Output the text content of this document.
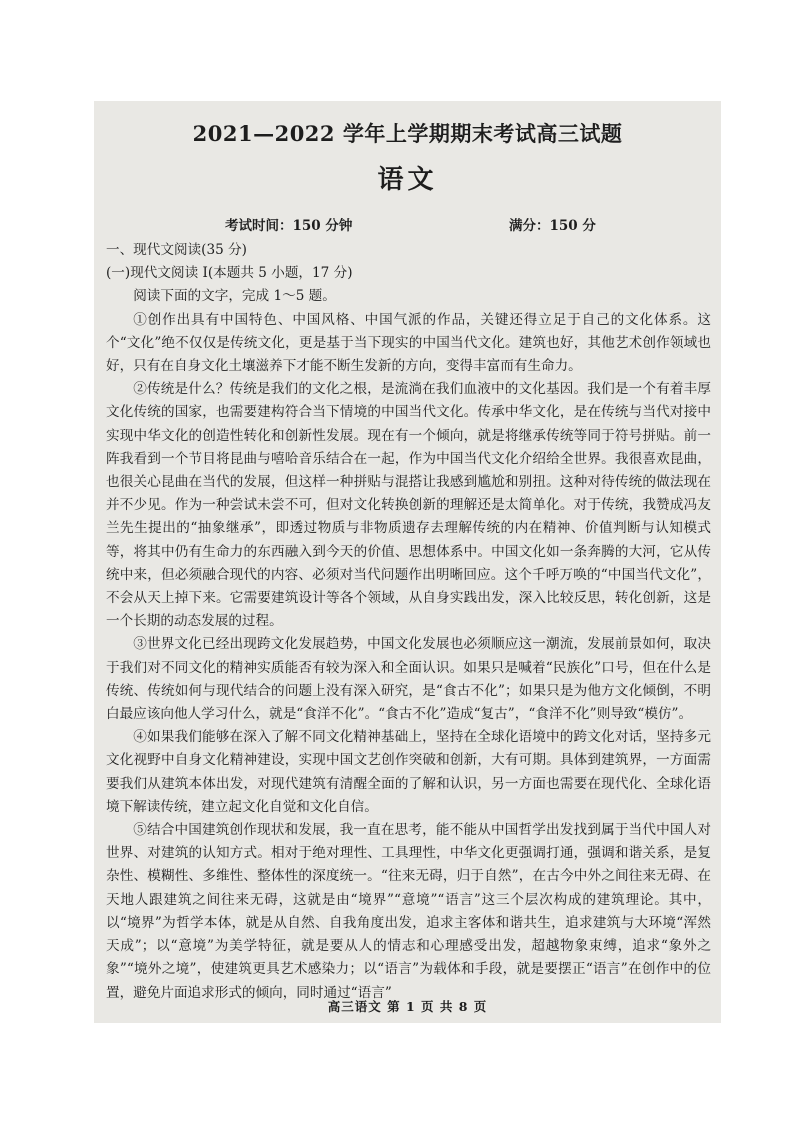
2021—2022 学年上学期期末考试高三试题
语文
考试时间：150 分钟	满分：150 分

一、现代文阅读(35 分)

(一)现代文阅读 I(本题共 5 小题，17 分)

阅读下面的文字，完成 1～5 题。

①创作出具有中国特色、中国风格、中国气派的作品，关键还得立足于自己的文化体系。这个“文化”绝不仅仅是传统文化，更是基于当下现实的中国当代文化。建筑也好，其他艺术创作领域也好，只有在自身文化土壤滋养下才能不断生发新的方向，变得丰富而有生命力。

②传统是什么？传统是我们的文化之根，是流淌在我们血液中的文化基因。我们是一个有着丰厚文化传统的国家，也需要建构符合当下情境的中国当代文化。传承中华文化，是在传统与当代对接中实现中华文化的创造性转化和创新性发展。现在有一个倾向，就是将继承传统等同于符号拼贴。前一阵我看到一个节目将昆曲与嘻哈音乐结合在一起，作为中国当代文化介绍给全世界。我很喜欢昆曲，也很关心昆曲在当代的发展，但这样一种拼贴与混搭让我感到尴尬和别扭。这种对待传统的做法现在并不少见。作为一种尝试未尝不可，但对文化转换创新的理解还是太简单化。对于传统，我赞成冯友兰先生提出的“抽象继承”，即透过物质与非物质遗存去理解传统的内在精神、价值判断与认知模式等，将其中仍有生命力的东西融入到今天的价值、思想体系中。中国文化如一条奔腾的大河，它从传统中来，但必须融合现代的内容、必须对当代问题作出明晰回应。这个千呼万唤的“中国当代文化”，不会从天上掉下来。它需要建筑设计等各个领域，从自身实践出发，深入比较反思，转化创新，这是一个长期的动态发展的过程。

③世界文化已经出现跨文化发展趋势，中国文化发展也必须顺应这一潮流，发展前景如何，取决于我们对不同文化的精神实质能否有较为深入和全面认识。如果只是喊着“民族化”口号，但在什么是传统、传统如何与现代结合的问题上没有深入研究，是“食古不化”；如果只是为他方文化倾倒，不明白最应该向他人学习什么，就是“食洋不化”。“食古不化”造成“复古”，“食洋不化”则导致“模仿”。

④如果我们能够在深入了解不同文化精神基础上，坚持在全球化语境中的跨文化对话，坚持多元文化视野中自身文化精神建设，实现中国文艺创作突破和创新，大有可期。具体到建筑界，一方面需要我们从建筑本体出发，对现代建筑有清醒全面的了解和认识，另一方面也需要在现代化、全球化语境下解读传统，建立起文化自觉和文化自信。

⑤结合中国建筑创作现状和发展，我一直在思考，能不能从中国哲学出发找到属于当代中国人对世界、对建筑的认知方式。相对于绝对理性、工具理性，中华文化更强调打通，强调和谐关系，是复杂性、模糊性、多维性、整体性的深度统一。“往来无碍，归于自然”，在古今中外之间往来无碍、在天地人跟建筑之间往来无碍，这就是由“境界”“意境”“语言”这三个层次构成的建筑理论。其中，以“境界”为哲学本体，就是从自然、自我角度出发，追求主客体和谐共生，追求建筑与大环境“浑然天成”；以“意境”为美学特征，就是要从人的情志和心理感受出发，超越物象束缚，追求“象外之象”“境外之境”，使建筑更具艺术感染力；以“语言”为载体和手段，就是要摆正“语言”在创作中的位置，避免片面追求形式的倾向，同时通过“语言”

高三语文 第 1 页 共 8 页
